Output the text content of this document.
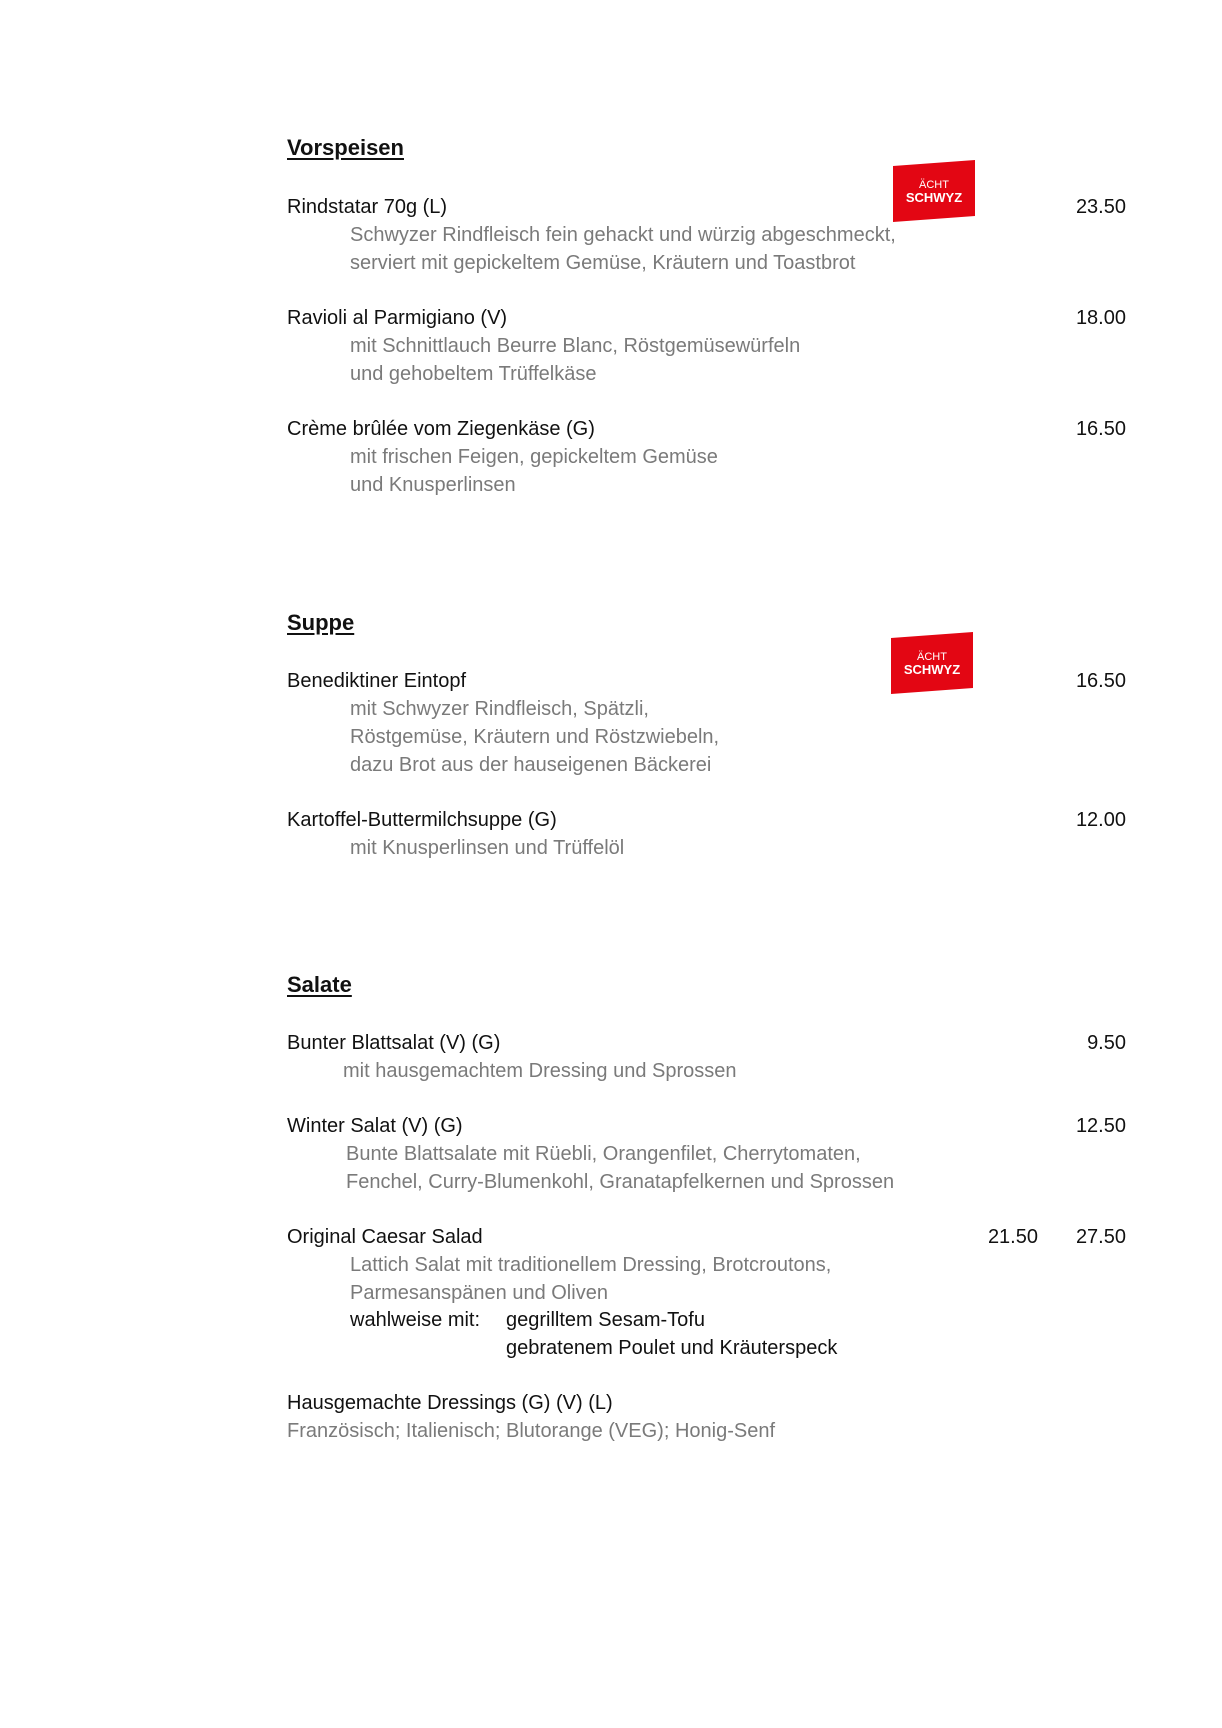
Vorspeisen
ÄCHT
SCHWYZ
Rindstatar 70g (L)	23.50
Schwyzer Rindfleisch fein gehackt und würzig abgeschmeckt,
serviert mit gepickeltem Gemüse, Kräutern und Toastbrot
Ravioli al Parmigiano (V)	18.00
mit Schnittlauch Beurre Blanc, Röstgemüsewürfeln
und gehobeltem Trüffelkäse
Crème brûlée vom Ziegenkäse (G)	16.50
mit frischen Feigen, gepickeltem Gemüse
und Knusperlinsen
Suppe
ÄCHT
SCHWYZ
Benediktiner Eintopf	16.50
mit Schwyzer Rindfleisch, Spätzli,
Röstgemüse, Kräutern und Röstzwiebeln,
dazu Brot aus der hauseigenen Bäckerei
Kartoffel-Buttermilchsuppe (G)	12.00
mit Knusperlinsen und Trüffelöl
Salate
Bunter Blattsalat (V) (G)	9.50
mit hausgemachtem Dressing und Sprossen
Winter Salat (V) (G)	12.50
Bunte Blattsalate mit Rüebli, Orangenfilet, Cherrytomaten,
Fenchel, Curry-Blumenkohl, Granatapfelkernen und Sprossen
Original Caesar Salad	21.50 27.50
Lattich Salat mit traditionellem Dressing, Brotcroutons,
Parmesanspänen und Oliven
wahlweise mit: gegrilltem Sesam-Tofu
gebratenem Poulet und Kräuterspeck
Hausgemachte Dressings (G) (V) (L)
Französisch; Italienisch; Blutorange (VEG); Honig-Senf
